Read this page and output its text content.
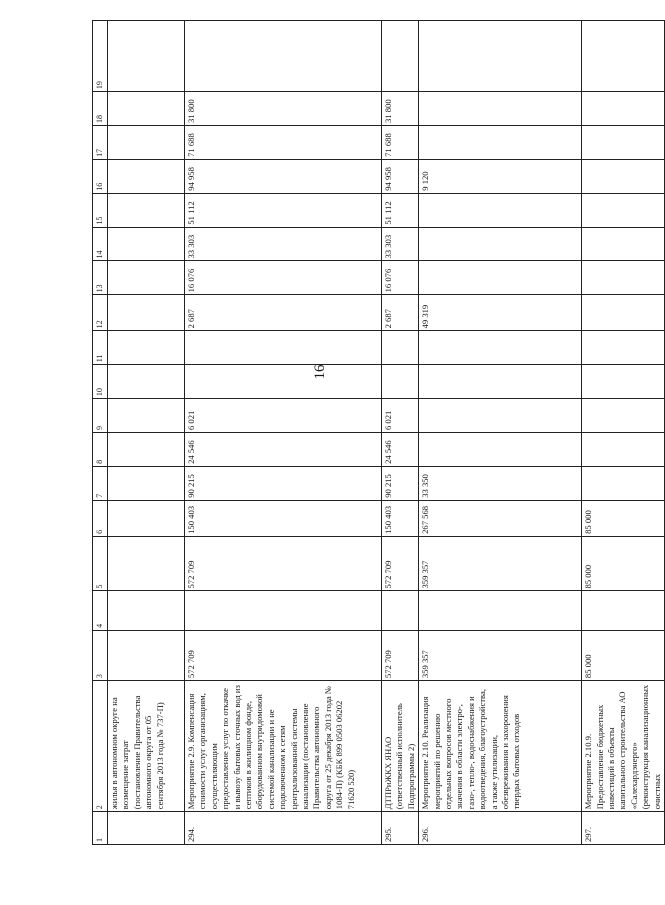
16
1	2	3	4	5	6	7	8	9	10	11	12	13	14	15	16	17	18	19
	жилья в автономном округе на возмещение затрат (постановление Правительства автономного округа от 05 сентября 2013 года № 737-П)																	
294.	Мероприятие 2.9. Компенсация стоимости услуг организациям, осуществляющим предоставление услуг по откачке и вывозу бытовых сточных вод из септиков в жилищном фонде, оборудованном внутридомовой системой канализации и не подключенном к сетям централизованной системы канализации (постановление Правительства автономного округа от 25 декабря 2013 года № 1084-П) (КБК 899 0503 06202 71620 520)	572 709		572 709	150 403	90 215	24 546	6 021			2 687	16 076	33 303	51 112	94 958	71 688	31 800	
295.	ДТПРиЖКХ ЯНАО (ответственный исполнитель Подпрограммы 2)	572 709		572 709	150 403	90 215	24 546	6 021			2 687	16 076	33 303	51 112	94 958	71 688	31 800	
296.	Мероприятие 2.10. Реализация мероприятий по решению отдельных вопросов местного значения в области электро-, газо-, тепло-, водоснабжения и водоотведения, благоустройства, а также утилизации, обезвреживания и захоронения твердых бытовых отходов	359 357		359 357	267 568	33 350					49 319				9 120			
297.	Мероприятие 2.10.9. Предоставление бюджетных инвестиций в объекты капитального строительства АО «Салехардэнерго» (реконструкция канализационных очистных	85 000		85 000	85 000													
